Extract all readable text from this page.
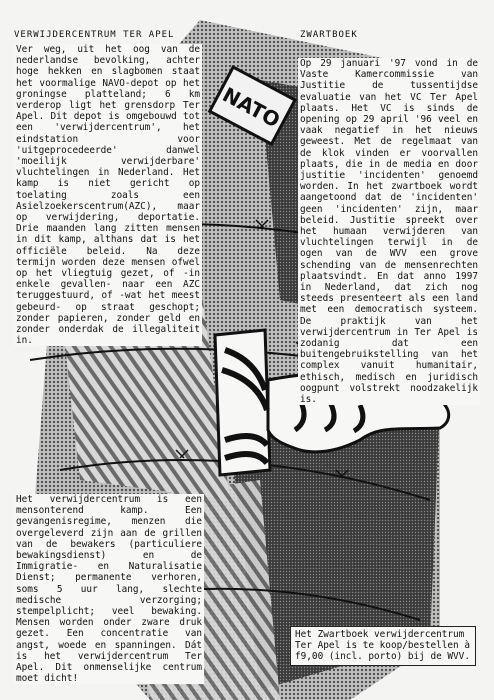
NATO
VERWIJDERCENTRUM TER APEL

Ver weg, uit het oog van de nederlandse bevolking, achter hoge hekken en slagbomen staat het voormalige NAVO-depot op het groningse platteland; 6 km verderop ligt het grensdorp Ter Apel. Dit depot is omgebouwd tot een 'verwijdercentrum', het eindstation voor 'uitgeprocedeerde' danwel 'moeilijk verwijderbare' vluchtelingen in Nederland. Het kamp is niet gericht op toelating zoals een Asielzoekerscentrum(AZC), maar op verwijdering, deportatie. Drie maanden lang zitten mensen in dit kamp, althans dat is het officiële beleid. Na deze termijn worden deze mensen ofwel op het vliegtuig gezet, of -in enkele gevallen- naar een AZC teruggestuurd, of -wat het meest gebeurd- op straat geschopt; zonder papieren, zonder geld en zonder onderdak de illegaliteit in.

ZWARTBOEK

Op 29 januari '97 vond in de Vaste Kamercommissie van Justitie de tussentijdse evaluatie van het VC Ter Apel plaats. Het VC is sinds de opening op 29 april '96 veel en vaak negatief in het nieuws geweest. Met de regelmaat van de klok vinden er voorvallen plaats, die in de media en door justitie 'incidenten' genoemd worden. In het zwartboek wordt aangetoond dat de 'incidenten' geen 'incidenten' zijn, maar beleid. Justitie spreekt over het humaan verwijderen van vluchtelingen terwijl in de ogen van de WVV een grove schending van de mensenrechten plaatsvindt. En dat anno 1997 in Nederland, dat zich nog steeds presenteert als een land met een democratisch systeem. De praktijk van het verwijdercentrum in Ter Apel is zodanig dat een buitengebruikstelling van het complex vanuit humanitair, ethisch, medisch en juridisch oogpunt volstrekt noodzakelijk is.

Het verwijdercentrum is een mensonterend kamp. Een gevangenisregime, menzen die overgeleverd zijn aan de grillen van de bewakers (particuliere bewakingsdienst) en de Immigratie- en Naturalisatie Dienst; permanente verhoren, soms 5 uur lang, slechte medische verzorging; stempelplicht; veel bewaking. Mensen worden onder zware druk gezet. Een concentratie van angst, woede en spanningen. Dát is het verwijdercentrum Ter Apel. Dit onmenselijke centrum moet dicht!

Het Zwartboek verwijdercentrum Ter Apel is te koop/bestellen à f9,00 (incl. porto) bij de WVV.
